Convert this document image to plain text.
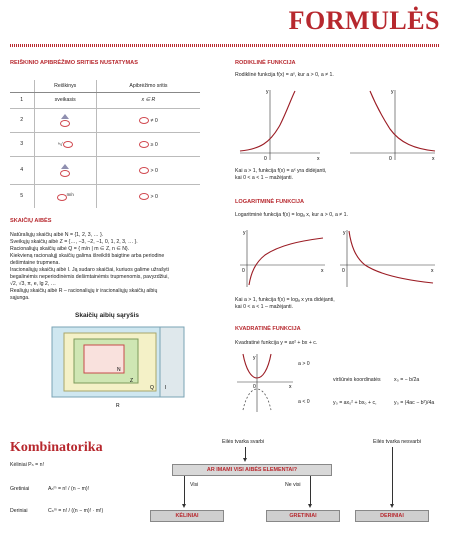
FORMULĖS
REIŠKINIO APIBRĖŽIMO SRITIES NUSTATYMAS
	Reiškinys	Apibrėžimo sritis
1	sveikasis	x ∈ R
2		≠ 0
3	ⁿ√	≥ 0
4		> 0
5	$^{m/n}$	> 0
SKAIČIŲ AIBĖS
Natūraliųjų skaičių aibė N = {1, 2, 3, … }.
Sveikųjų skaičių aibė Z = {…, −3, −2, −1, 0, 1, 2, 3, … }.
Racionaliųjų skaičių aibė Q = { m/n | m ∈ Z, n ∈ N}.
Kiekvieną racionalųjį skaičių galima išreikšti baigtine arba periodine
dešimtaine trupmena.
Iracionaliųjų skaičių aibė I. Ją sudaro skaičiai, kuriuos galime užrašyti
begalinėmis neperiodinėmis dešimtainėmis trupmenomis, pavyzdžiui,
√2, √3, π, e, lg 2, …
Realiųjų skaičių aibė R – racionaliųjų ir iracionaliųjų skaičių aibių
sąjunga.
Skaičių aibių sąryšis
N
Z
Q I
R
RODIKLINĖ FUNKCIJA
Rodiklinė funkcija f(x) = aˣ, kur a > 0, a ≠ 1.
y
x
0
y
x
0
Kai a > 1, funkcija f(x) = aˣ yra didėjanti,
kai 0 < a < 1 – mažėjanti.
LOGARITMINĖ FUNKCIJA
Logaritminė funkcija f(x) = logₐ x, kur a > 0, a ≠ 1.
y
x
y
x
0	0
Kai a > 1, funkcija f(x) = logₐ x yra didėjanti,
kai 0 < a < 1 – mažėjanti.
KVADRATINĖ FUNKCIJA
Kvadratinė funkcija y = ax² + bx + c.
y
x
0
a > 0
a < 0
viršūnės koordinatės	x₀ = − b/2a
y₀ = ax₀² + bx₀ + c,	y₀ = (4ac − b²)/4a
Kombinatorika
Kėliniai Pₙ = n!
Gretiniai	Aₙᵐ = n! / (n − m)!
Deriniai	Cₙᵐ = n! / ((n − m)! · m!)
Eilės tvarka svarbi	Eilės tvarka nesvarbi
AR IMAMI VISI AIBĖS ELEMENTAI?
Visi	Ne visi
KĖLINIAI	GRETINIAI	DERINIAI
